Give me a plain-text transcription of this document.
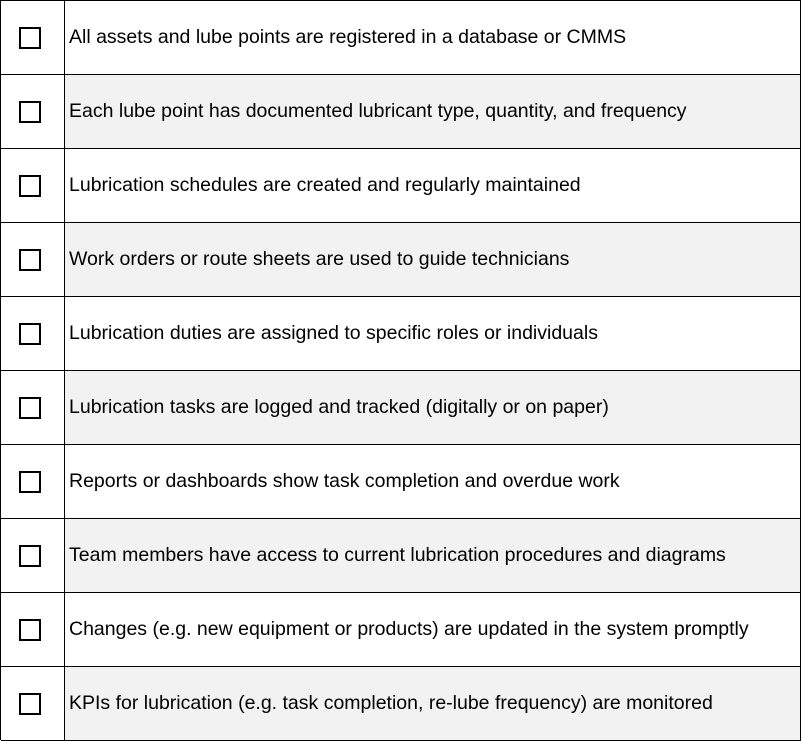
All assets and lube points are registered in a database or CMMS
Each lube point has documented lubricant type, quantity, and frequency
Lubrication schedules are created and regularly maintained
Work orders or route sheets are used to guide technicians
Lubrication duties are assigned to specific roles or individuals
Lubrication tasks are logged and tracked (digitally or on paper)
Reports or dashboards show task completion and overdue work
Team members have access to current lubrication procedures and diagrams
Changes (e.g. new equipment or products) are updated in the system promptly
KPIs for lubrication (e.g. task completion, re-lube frequency) are monitored
